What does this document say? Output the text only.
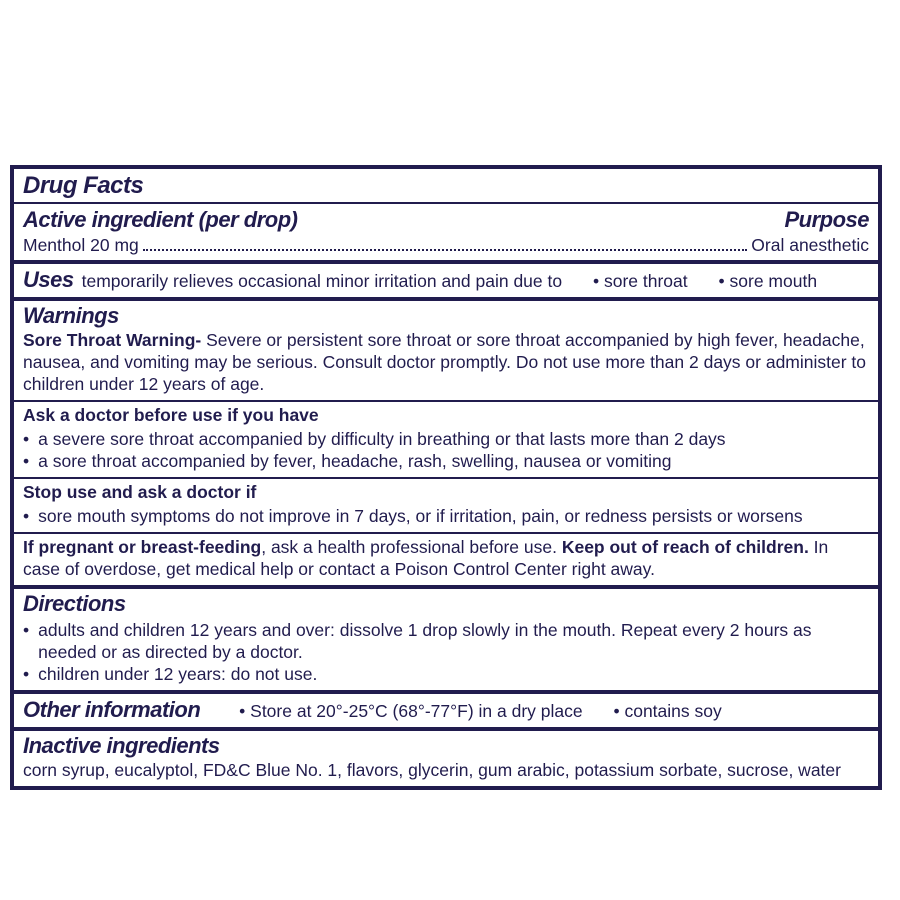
Drug Facts
Active ingredient (per drop)	Purpose
Menthol 20 mg	Oral anesthetic
Uses temporarily relieves occasional minor irritation and pain due to • sore throat • sore mouth
Warnings

Sore Throat Warning- Severe or persistent sore throat or sore throat accompanied by high fever, headache, nausea, and vomiting may be serious. Consult doctor promptly. Do not use more than 2 days or administer to children under 12 years of age.

Ask a doctor before use if you have
• a severe sore throat accompanied by difficulty in breathing or that lasts more than 2 days
• a sore throat accompanied by fever, headache, rash, swelling, nausea or vomiting
Stop use and ask a doctor if
• sore mouth symptoms do not improve in 7 days, or if irritation, pain, or redness persists or worsens

If pregnant or breast-feeding, ask a health professional before use. Keep out of reach of children. In case of overdose, get medical help or contact a Poison Control Center right away.

Directions
• adults and children 12 years and over: dissolve 1 drop slowly in the mouth. Repeat every 2 hours as needed or as directed by a doctor.
• children under 12 years: do not use.
Other information • Store at 20°-25°C (68°-77°F) in a dry place • contains soy
Inactive ingredients

corn syrup, eucalyptol, FD&C Blue No. 1, flavors, glycerin, gum arabic, potassium sorbate, sucrose, water
